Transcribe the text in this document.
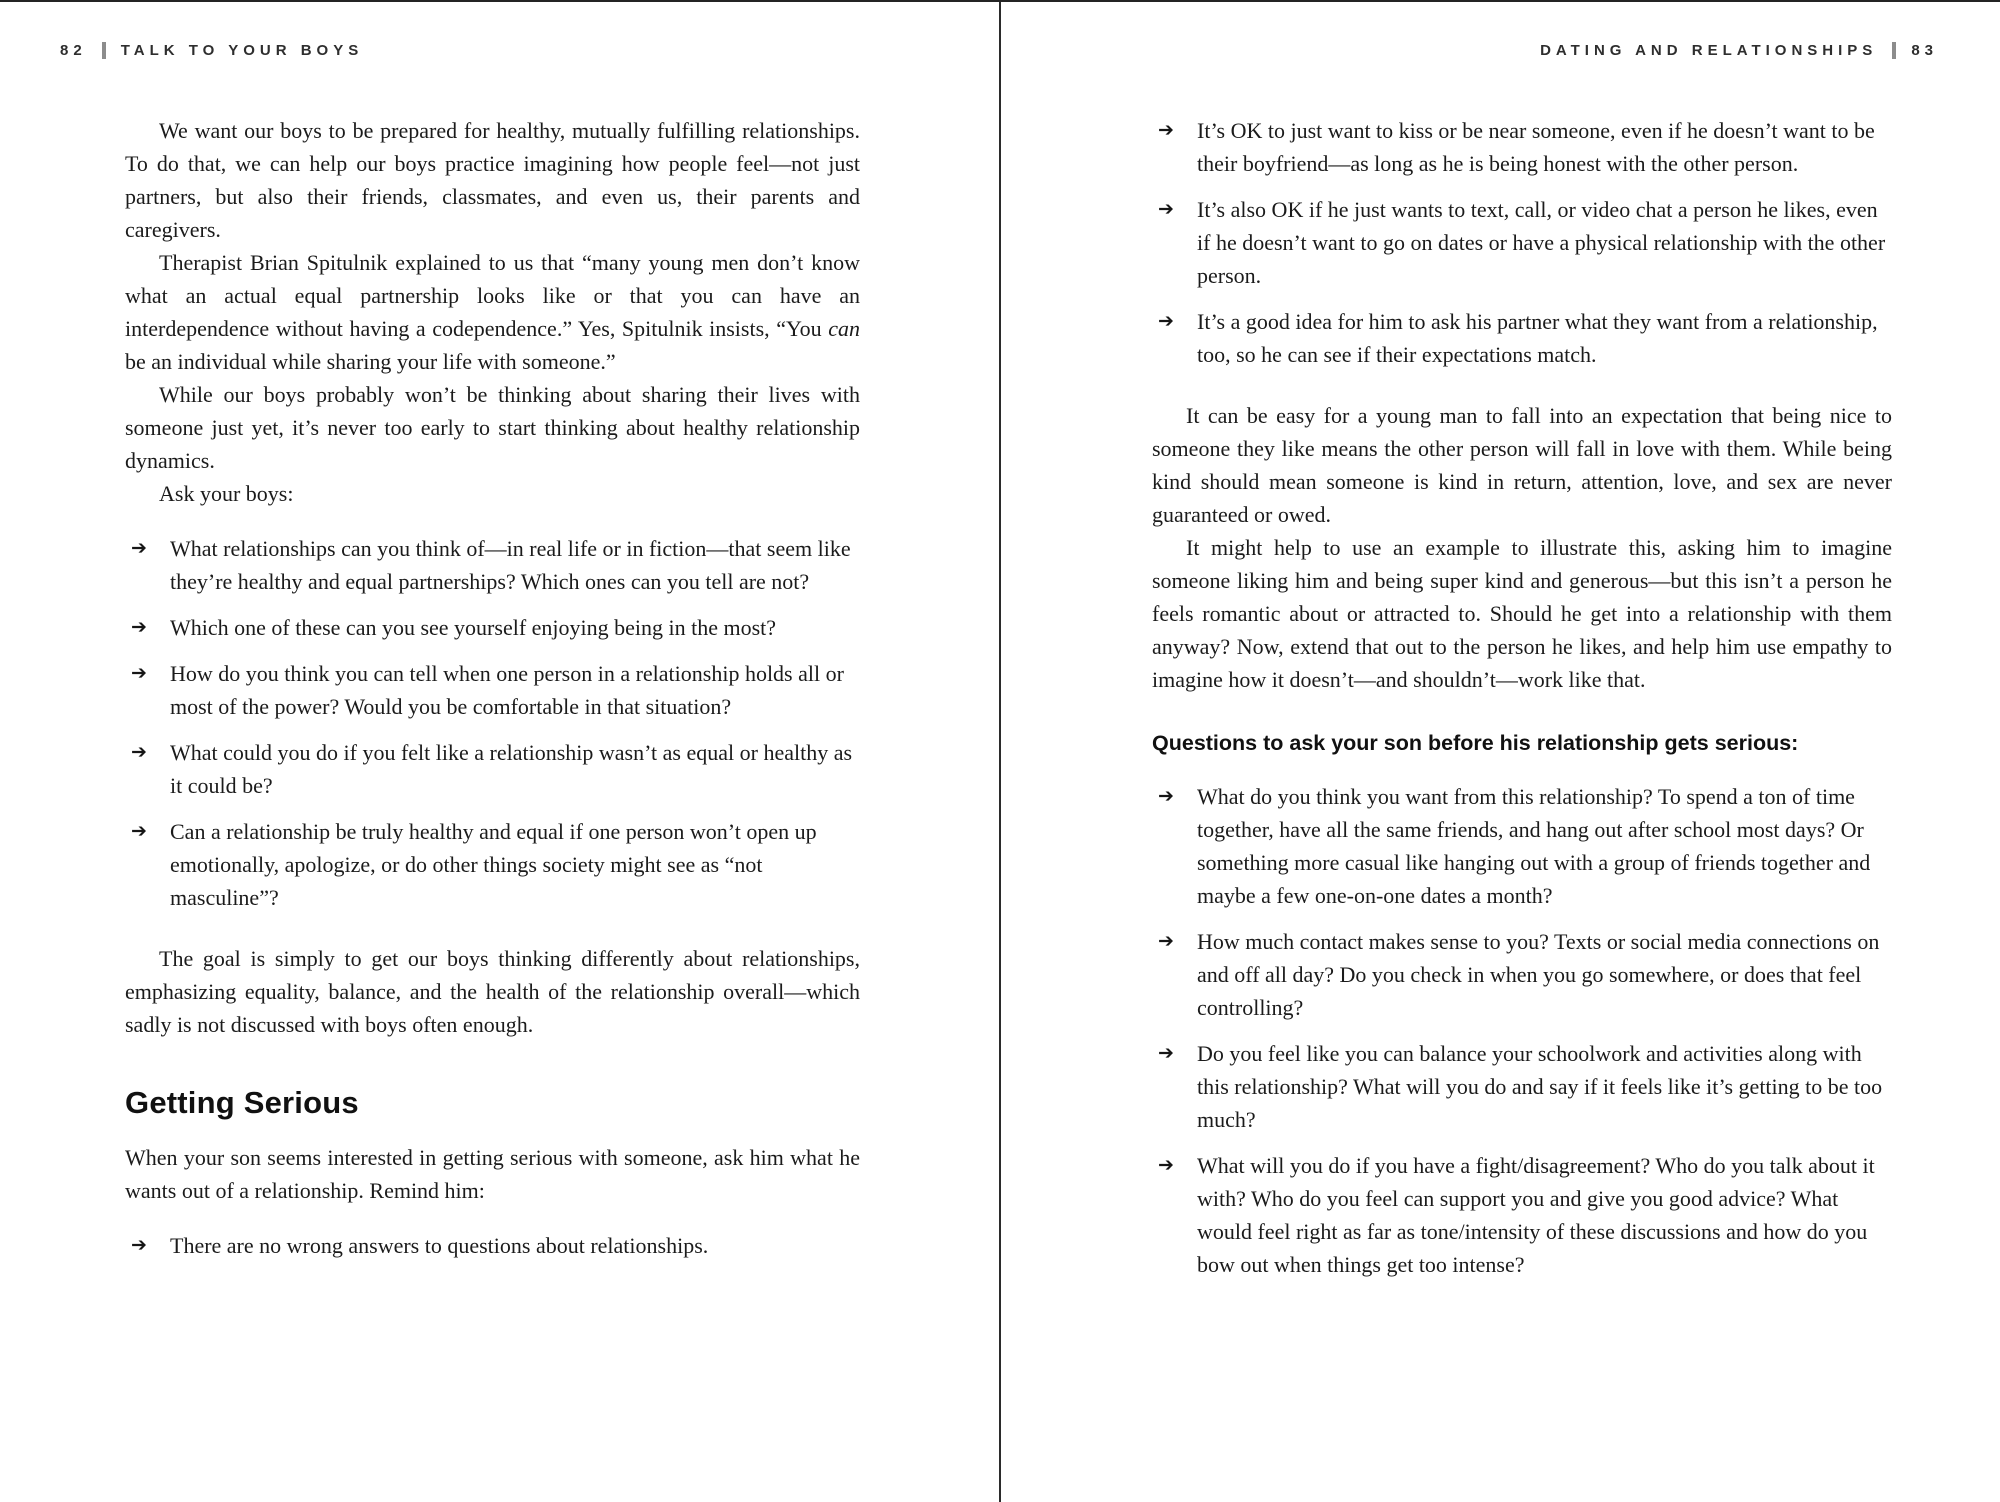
82 TALK TO YOUR BOYS

We want our boys to be prepared for healthy, mutually fulfilling relationships. To do that, we can help our boys practice imagining how people feel—not just partners, but also their friends, classmates, and even us, their parents and caregivers.

Therapist Brian Spitulnik explained to us that “many young men don’t know what an actual equal partnership looks like or that you can have an interdependence without having a codependence.” Yes, Spitulnik insists, “You can be an individual while sharing your life with someone.”

While our boys probably won’t be thinking about sharing their lives with someone just yet, it’s never too early to start thinking about healthy relationship dynamics.

Ask your boys:

➔	What relationships can you think of—in real life or in fiction—that seem like they’re healthy and equal partnerships? Which ones can you tell are not?
➔	Which one of these can you see yourself enjoying being in the most?
➔	How do you think you can tell when one person in a relationship holds all or most of the power? Would you be comfortable in that situation?
➔	What could you do if you felt like a relationship wasn’t as equal or healthy as it could be?
➔	Can a relationship be truly healthy and equal if one person won’t open up emotionally, apologize, or do other things society might see as “not masculine”?

The goal is simply to get our boys thinking differently about relationships, emphasizing equality, balance, and the health of the relationship overall—which sadly is not discussed with boys often enough.

Getting Serious

When your son seems interested in getting serious with someone, ask him what he wants out of a relationship. Remind him:

➔	There are no wrong answers to questions about relationships.
DATING AND RELATIONSHIPS 83
➔	It’s OK to just want to kiss or be near someone, even if he doesn’t want to be their boyfriend—as long as he is being honest with the other person.
➔	It’s also OK if he just wants to text, call, or video chat a person he likes, even if he doesn’t want to go on dates or have a physical relationship with the other person.
➔	It’s a good idea for him to ask his partner what they want from a relationship, too, so he can see if their expectations match.

It can be easy for a young man to fall into an expectation that being nice to someone they like means the other person will fall in love with them. While being kind should mean someone is kind in return, attention, love, and sex are never guaranteed or owed.

It might help to use an example to illustrate this, asking him to imagine someone liking him and being super kind and generous—but this isn’t a person he feels romantic about or attracted to. Should he get into a relationship with them anyway? Now, extend that out to the person he likes, and help him use empathy to imagine how it doesn’t—and shouldn’t—work like that.

Questions to ask your son before his relationship gets serious:
➔	What do you think you want from this relationship? To spend a ton of time together, have all the same friends, and hang out after school most days? Or something more casual like hanging out with a group of friends together and maybe a few one-on-one dates a month?
➔	How much contact makes sense to you? Texts or social media connections on and off all day? Do you check in when you go somewhere, or does that feel controlling?
➔	Do you feel like you can balance your schoolwork and activities along with this relationship? What will you do and say if it feels like it’s getting to be too much?
➔	What will you do if you have a fight/disagreement? Who do you talk about it with? Who do you feel can support you and give you good advice? What would feel right as far as tone/intensity of these discussions and how do you bow out when things get too intense?
